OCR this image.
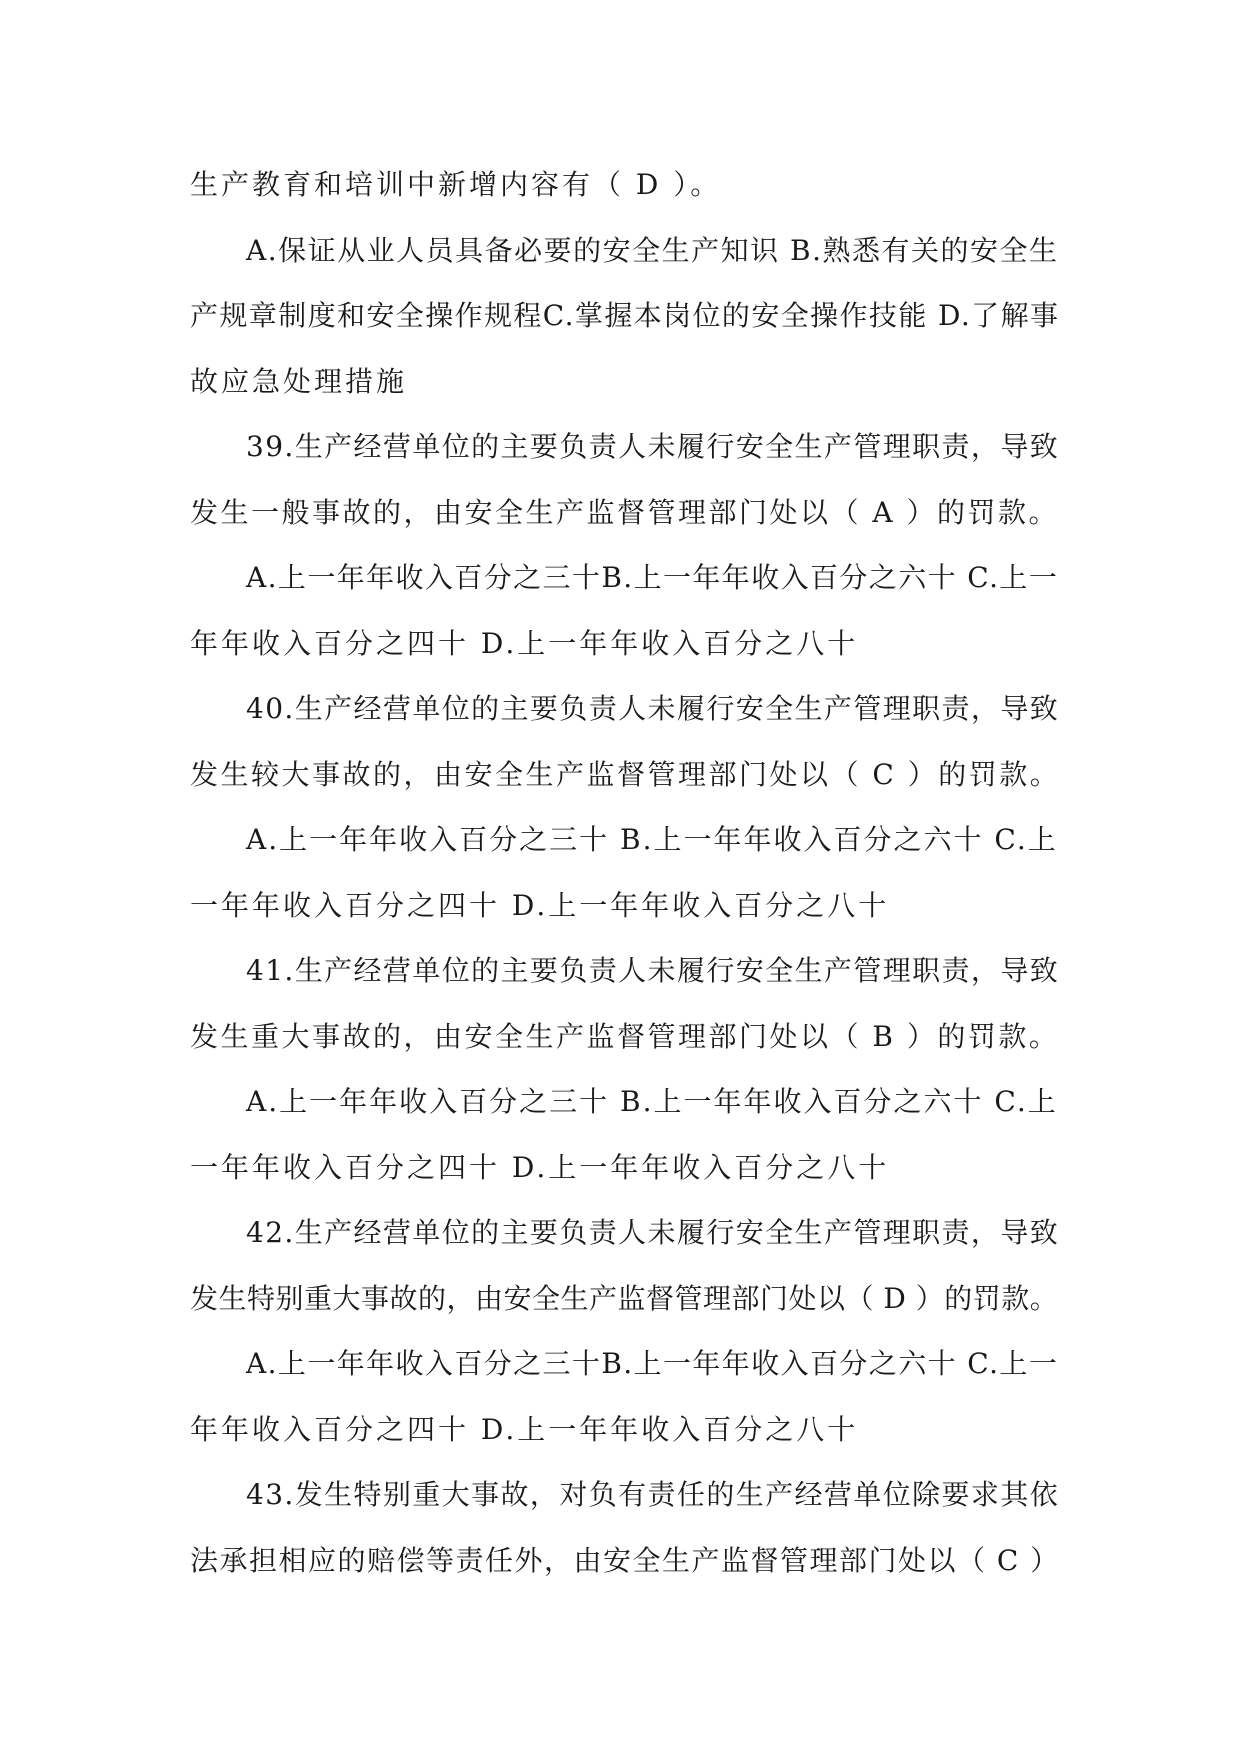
生产教育和培训中新增内容有（ D ）。
A.保证从业人员具备必要的安全生产知识 B.熟悉有关的安全生
产规章制度和安全操作规程C.掌握本岗位的安全操作技能 D.了解事
故应急处理措施
39.生产经营单位的主要负责人未履行安全生产管理职责，导致
发生一般事故的，由安全生产监督管理部门处以（ A ）的罚款。
A.上一年年收入百分之三十B.上一年年收入百分之六十 C.上一
年年收入百分之四十 D.上一年年收入百分之八十
40.生产经营单位的主要负责人未履行安全生产管理职责，导致
发生较大事故的，由安全生产监督管理部门处以（ C ）的罚款。
A.上一年年收入百分之三十 B.上一年年收入百分之六十 C.上
一年年收入百分之四十 D.上一年年收入百分之八十
41.生产经营单位的主要负责人未履行安全生产管理职责，导致
发生重大事故的，由安全生产监督管理部门处以（ B ）的罚款。
A.上一年年收入百分之三十 B.上一年年收入百分之六十 C.上
一年年收入百分之四十 D.上一年年收入百分之八十
42.生产经营单位的主要负责人未履行安全生产管理职责，导致
发生特别重大事故的，由安全生产监督管理部门处以（ D ）的罚款。
A.上一年年收入百分之三十B.上一年年收入百分之六十 C.上一
年年收入百分之四十 D.上一年年收入百分之八十
43.发生特别重大事故，对负有责任的生产经营单位除要求其依
法承担相应的赔偿等责任外，由安全生产监督管理部门处以（ C ）
